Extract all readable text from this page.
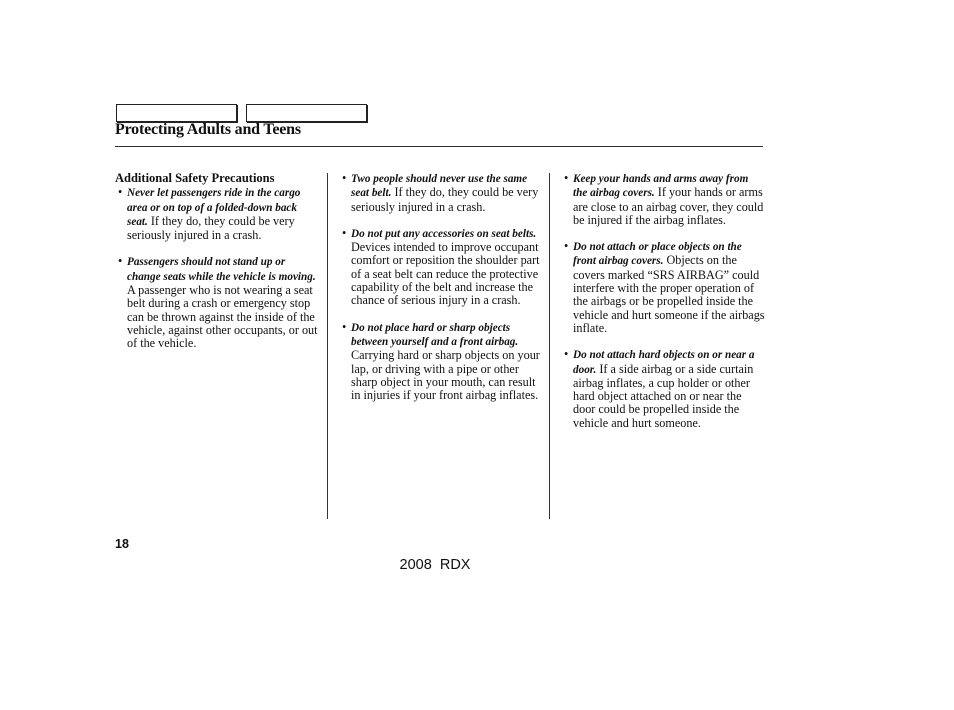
Protecting Adults and Teens
Additional Safety Precautions
• Never let passengers ride in the cargo area or on top of a folded-down back seat. If they do, they could be very seriously injured in a crash.
• Passengers should not stand up or change seats while the vehicle is moving. A passenger who is not wearing a seat belt during a crash or emergency stop can be thrown against the inside of the vehicle, against other occupants, or out of the vehicle.
• Two people should never use the same seat belt. If they do, they could be very seriously injured in a crash.
• Do not put any accessories on seat belts. Devices intended to improve occupant comfort or reposition the shoulder part of a seat belt can reduce the protective capability of the belt and increase the chance of serious injury in a crash.
• Do not place hard or sharp objects between yourself and a front airbag. Carrying hard or sharp objects on your lap, or driving with a pipe or other sharp object in your mouth, can result in injuries if your front airbag inflates.
• Keep your hands and arms away from the airbag covers. If your hands or arms are close to an airbag cover, they could be injured if the airbag inflates.
• Do not attach or place objects on the front airbag covers. Objects on the covers marked “SRS AIRBAG” could interfere with the proper operation of the airbags or be propelled inside the vehicle and hurt someone if the airbags inflate.
• Do not attach hard objects on or near a door. If a side airbag or a side curtain airbag inflates, a cup holder or other hard object attached on or near the door could be propelled inside the vehicle and hurt someone.
18
2008  RDX
